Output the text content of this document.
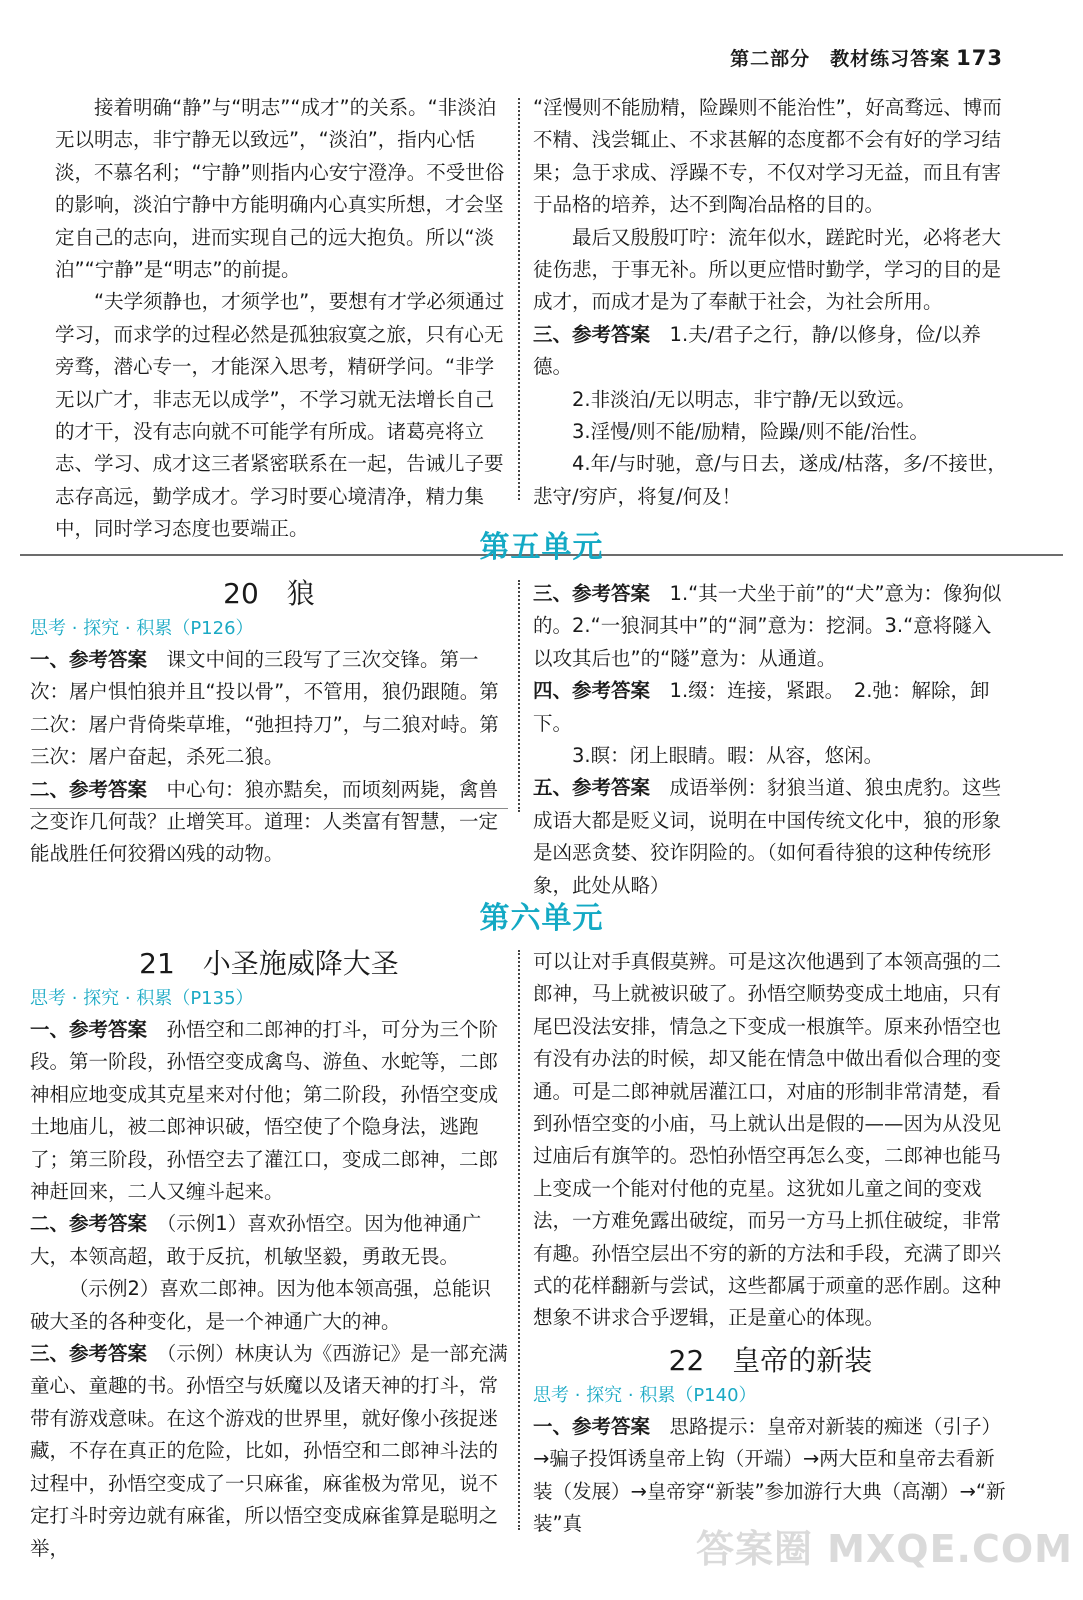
第二部分　教材练习答案 173

接着明确“静”与“明志”“成才”的关系。“非淡泊无以明志，非宁静无以致远”，“淡泊”，指内心恬淡，不慕名利；“宁静”则指内心安宁澄净。不受世俗的影响，淡泊宁静中方能明确内心真实所想，才会坚定自己的志向，进而实现自己的远大抱负。所以“淡泊”“宁静”是“明志”的前提。

“夫学须静也，才须学也”，要想有才学必须通过学习，而求学的过程必然是孤独寂寞之旅，只有心无旁骛，潜心专一，才能深入思考，精研学问。“非学无以广才，非志无以成学”，不学习就无法增长自己的才干，没有志向就不可能学有所成。诸葛亮将立志、学习、成才这三者紧密联系在一起，告诫儿子要志存高远，勤学成才。学习时要心境清净，精力集中，同时学习态度也要端正。

“淫慢则不能励精，险躁则不能治性”，好高骛远、博而不精、浅尝辄止、不求甚解的态度都不会有好的学习结果；急于求成、浮躁不专，不仅对学习无益，而且有害于品格的培养，达不到陶冶品格的目的。

最后又殷殷叮咛：流年似水，蹉跎时光，必将老大徒伤悲，于事无补。所以更应惜时勤学，学习的目的是成才，而成才是为了奉献于社会，为社会所用。

三、参考答案　 1.夫/君子之行，静/以修身，俭/以养德。

2.非淡泊/无以明志，非宁静/无以致远。

3.淫慢/则不能/励精，险躁/则不能/治性。

4.年/与时驰，意/与日去，遂成/枯落，多/不接世，悲守/穷庐，将复/何及！

第五单元

20　狼

思考 · 探究 · 积累（P126）

一、参考答案　 课文中间的三段写了三次交锋。第一次：屠户惧怕狼并且“投以骨”，不管用，狼仍跟随。第二次：屠户背倚柴草堆，“弛担持刀”，与二狼对峙。第三次：屠户奋起，杀死二狼。

二、参考答案　 中心句：狼亦黠矣，而顷刻两毙，禽兽之变诈几何哉？止增笑耳。道理：人类富有智慧，一定能战胜任何狡猾凶残的动物。

三、参考答案　 1.“其一犬坐于前”的“犬”意为：像狗似的。2.“一狼洞其中”的“洞”意为：挖洞。3.“意将隧入以攻其后也”的“隧”意为：从通道。

四、参考答案　 1.缀：连接，紧跟。　2.弛：解除，卸下。

3.瞑：闭上眼睛。暇：从容，悠闲。

五、参考答案　 成语举例：豺狼当道、狼虫虎豹。这些成语大都是贬义词，说明在中国传统文化中，狼的形象是凶恶贪婪、狡诈阴险的。（如何看待狼的这种传统形象，此处从略）

第六单元

21　小圣施威降大圣

思考 · 探究 · 积累（P135）

一、参考答案　 孙悟空和二郎神的打斗，可分为三个阶段。第一阶段，孙悟空变成禽鸟、游鱼、水蛇等，二郎神相应地变成其克星来对付他；第二阶段，孙悟空变成土地庙儿，被二郎神识破，悟空使了个隐身法，逃跑了；第三阶段，孙悟空去了灌江口，变成二郎神，二郎神赶回来，二人又缠斗起来。

二、参考答案　 （示例1）喜欢孙悟空。因为他神通广大，本领高超，敢于反抗，机敏坚毅，勇敢无畏。

（示例2）喜欢二郎神。因为他本领高强，总能识破大圣的各种变化，是一个神通广大的神。

三、参考答案　 （示例）林庚认为《西游记》是一部充满童心、童趣的书。孙悟空与妖魔以及诸天神的打斗，常带有游戏意味。在这个游戏的世界里，就好像小孩捉迷藏，不存在真正的危险，比如，孙悟空和二郎神斗法的过程中，孙悟空变成了一只麻雀，麻雀极为常见，说不定打斗时旁边就有麻雀，所以悟空变成麻雀算是聪明之举，

可以让对手真假莫辨。可是这次他遇到了本领高强的二郎神，马上就被识破了。孙悟空顺势变成土地庙，只有尾巴没法安排，情急之下变成一根旗竿。原来孙悟空也有没有办法的时候，却又能在情急中做出看似合理的变通。可是二郎神就居灌江口，对庙的形制非常清楚，看到孙悟空变的小庙，马上就认出是假的——因为从没见过庙后有旗竿的。恐怕孙悟空再怎么变，二郎神也能马上变成一个能对付他的克星。这犹如儿童之间的变戏法，一方难免露出破绽，而另一方马上抓住破绽，非常有趣。孙悟空层出不穷的新的方法和手段，充满了即兴式的花样翻新与尝试，这些都属于顽童的恶作剧。这种想象不讲求合乎逻辑，正是童心的体现。

22　皇帝的新装

思考 · 探究 · 积累（P140）

一、参考答案　 思路提示：皇帝对新装的痴迷（引子）→骗子投饵诱皇帝上钩（开端）→两大臣和皇帝去看新装（发展）→皇帝穿“新装”参加游行大典（高潮）→“新装”真

答案圈 MXQE.COM
